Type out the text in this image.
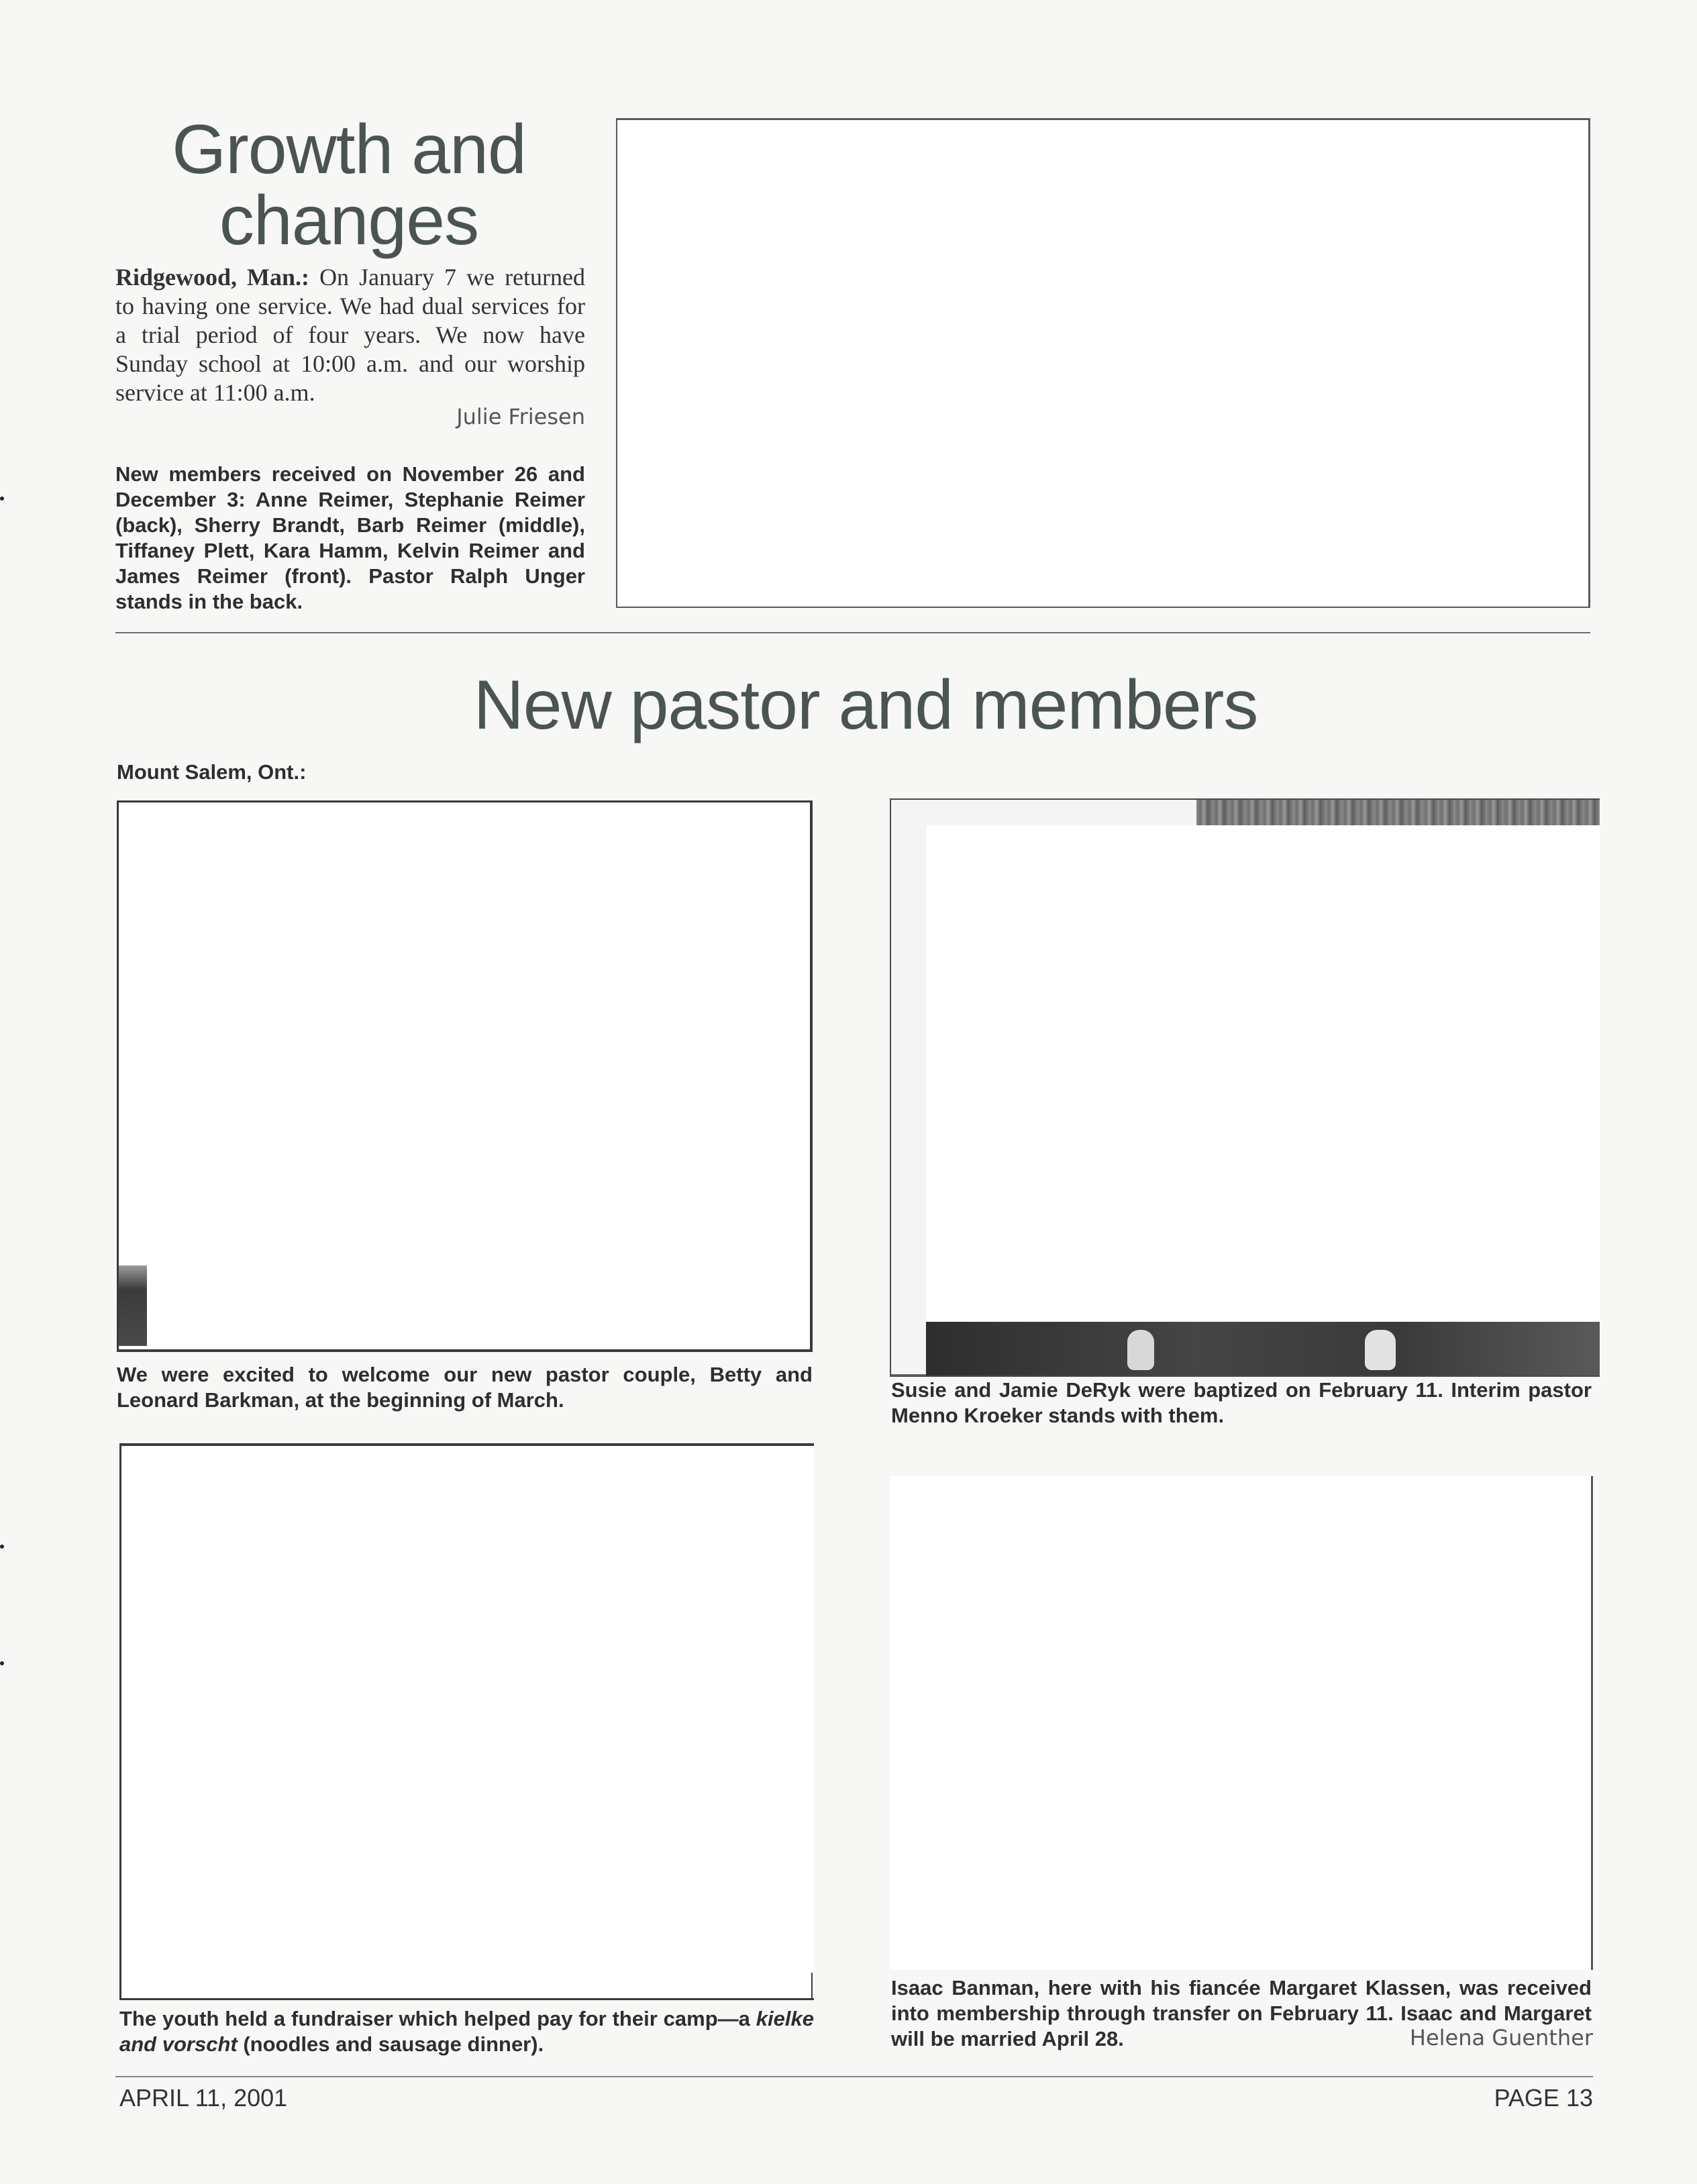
Growth and
changes
Ridgewood, Man.: On January 7 we returned to having one service. We had dual services for a trial period of four years. We now have Sunday school at 10:00 a.m. and our worship service at 11:00 a.m.
Julie Friesen
New members received on November 26 and December 3: Anne Reimer, Stephanie Reimer (back), Sherry Brandt, Barb Reimer (middle), Tiffaney Plett, Kara Hamm, Kelvin Reimer and James Reimer (front). Pastor Ralph Unger stands in the back.
New pastor and members
Mount Salem, Ont.:
We were excited to welcome our new pastor couple, Betty and Leonard Barkman, at the beginning of March.	Susie and Jamie DeRyk were baptized on February 11. Interim pastor Menno Kroeker stands with them.
The youth held a fundraiser which helped pay for their camp—a kielke and vorscht (noodles and sausage dinner).
Isaac Banman, here with his fiancée Margaret Klassen, was received into membership through transfer on February 11. Isaac and Margaret will be married April 28.	Helena Guenther
APRIL 11, 2001	PAGE 13
